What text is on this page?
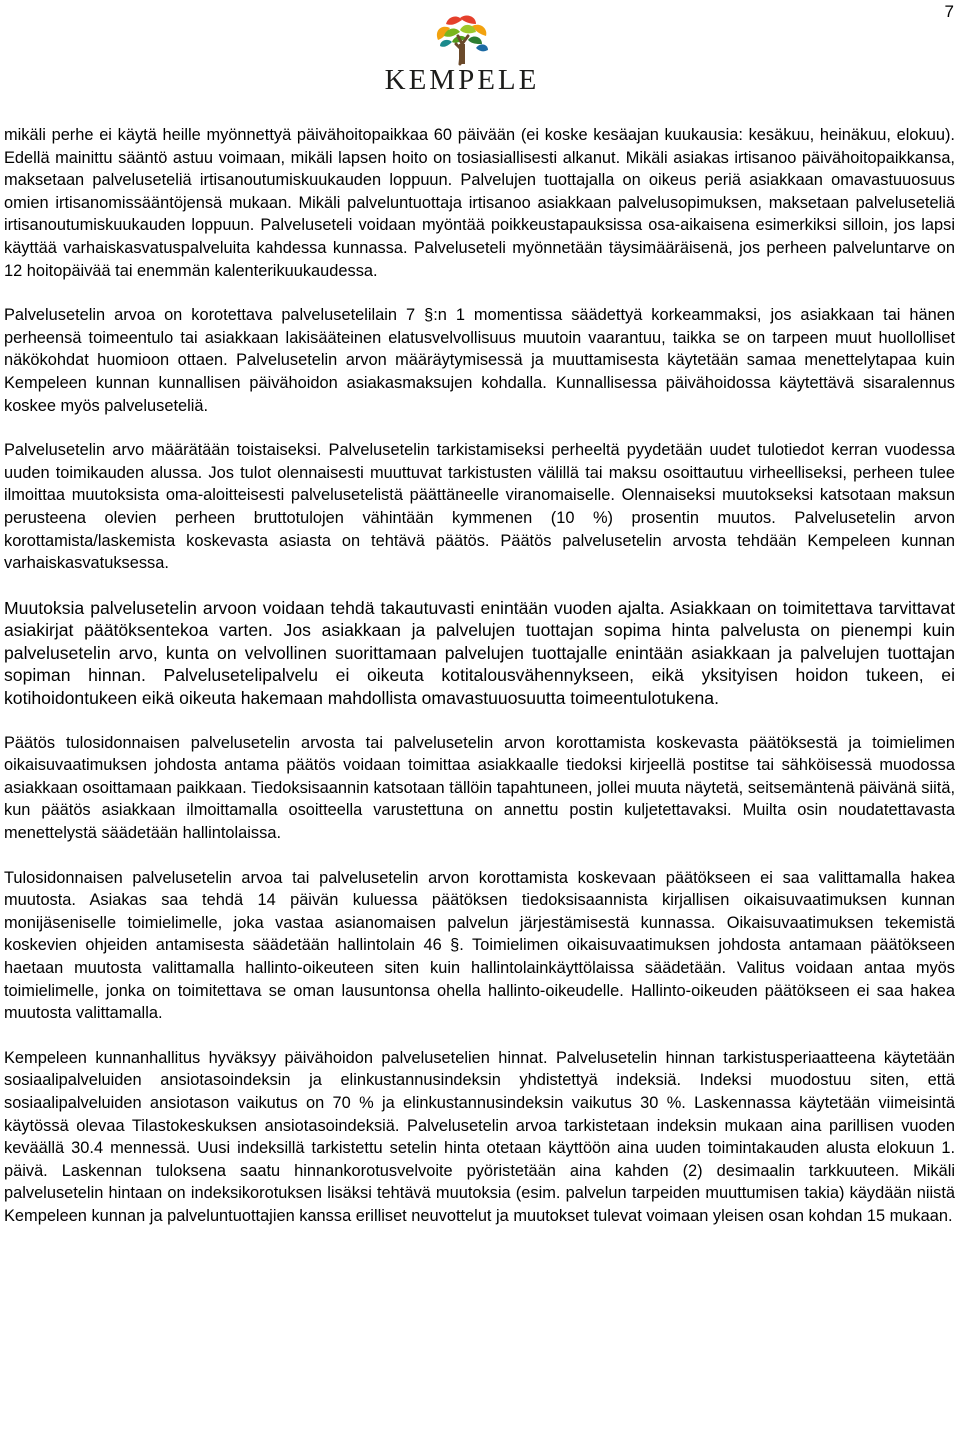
7
KEMPELE

mikäli perhe ei käytä heille myönnettyä päivähoitopaikkaa 60 päivään (ei koske kesäajan kuukausia: kesäkuu, heinäkuu, elokuu). Edellä mainittu sääntö astuu voimaan, mikäli lapsen hoito on tosiasiallisesti alkanut. Mikäli asiakas irtisanoo päivähoitopaikkansa, maksetaan palveluseteliä irtisanoutumiskuukauden loppuun. Palvelujen tuottajalla on oikeus periä asiakkaan omavastuuosuus omien irtisanomissääntöjensä mukaan. Mikäli palveluntuottaja irtisanoo asiakkaan palvelusopimuksen, maksetaan palveluseteliä irtisanoutumiskuukauden loppuun. Palveluseteli voidaan myöntää poikkeustapauksissa osa-aikaisena esimerkiksi silloin, jos lapsi käyttää varhaiskasvatuspalveluita kahdessa kunnassa. Palveluseteli myönnetään täysimääräisenä, jos perheen palveluntarve on 12 hoitopäivää tai enemmän kalenterikuukaudessa.

Palvelusetelin arvoa on korotettava palvelusetelilain 7 §:n 1 momentissa säädettyä korkeammaksi, jos asiakkaan tai hänen perheensä toimeentulo tai asiakkaan lakisääteinen elatusvelvollisuus muutoin vaarantuu, taikka se on tarpeen muut huollolliset näkökohdat huomioon ottaen. Palvelusetelin arvon määräytymisessä ja muuttamisesta käytetään samaa menettelytapaa kuin Kempeleen kunnan kunnallisen päivähoidon asiakasmaksujen kohdalla. Kunnallisessa päivähoidossa käytettävä sisaralennus koskee myös palveluseteliä.

Palvelusetelin arvo määrätään toistaiseksi. Palvelusetelin tarkistamiseksi perheeltä pyydetään uudet tulotiedot kerran vuodessa uuden toimikauden alussa. Jos tulot olennaisesti muuttuvat tarkistusten välillä tai maksu osoittautuu virheelliseksi, perheen tulee ilmoittaa muutoksista oma-aloitteisesti palvelusetelistä päättäneelle viranomaiselle. Olennaiseksi muutokseksi katsotaan maksun perusteena olevien perheen bruttotulojen vähintään kymmenen (10 %) prosentin muutos. Palvelusetelin arvon korottamista/laskemista koskevasta asiasta on tehtävä päätös. Päätös palvelusetelin arvosta tehdään Kempeleen kunnan varhaiskasvatuksessa.

Muutoksia palvelusetelin arvoon voidaan tehdä takautuvasti enintään vuoden ajalta. Asiakkaan on toimitettava tarvittavat asiakirjat päätöksentekoa varten. Jos asiakkaan ja palvelujen tuottajan sopima hinta palvelusta on pienempi kuin palvelusetelin arvo, kunta on velvollinen suorittamaan palvelujen tuottajalle enintään asiakkaan ja palvelujen tuottajan sopiman hinnan. Palvelusetelipalvelu ei oikeuta kotitalousvähennykseen, eikä yksityisen hoidon tukeen, ei kotihoidontukeen eikä oikeuta hakemaan mahdollista omavastuuosuutta toimeentulotukena.

Päätös tulosidonnaisen palvelusetelin arvosta tai palvelusetelin arvon korottamista koskevasta päätöksestä ja toimielimen oikaisuvaatimuksen johdosta antama päätös voidaan toimittaa asiakkaalle tiedoksi kirjeellä postitse tai sähköisessä muodossa asiakkaan osoittamaan paikkaan. Tiedoksisaannin katsotaan tällöin tapahtuneen, jollei muuta näytetä, seitsemäntenä päivänä siitä, kun päätös asiakkaan ilmoittamalla osoitteella varustettuna on annettu postin kuljetettavaksi. Muilta osin noudatettavasta menettelystä säädetään hallintolaissa.

Tulosidonnaisen palvelusetelin arvoa tai palvelusetelin arvon korottamista koskevaan päätökseen ei saa valittamalla hakea muutosta. Asiakas saa tehdä 14 päivän kuluessa päätöksen tiedoksisaannista kirjallisen oikaisuvaatimuksen kunnan monijäseniselle toimielimelle, joka vastaa asianomaisen palvelun järjestämisestä kunnassa. Oikaisuvaatimuksen tekemistä koskevien ohjeiden antamisesta säädetään hallintolain 46 §. Toimielimen oikaisuvaatimuksen johdosta antamaan päätökseen haetaan muutosta valittamalla hallinto-oikeuteen siten kuin hallintolainkäyttölaissa säädetään. Valitus voidaan antaa myös toimielimelle, jonka on toimitettava se oman lausuntonsa ohella hallinto-oikeudelle. Hallinto-oikeuden päätökseen ei saa hakea muutosta valittamalla.

Kempeleen kunnanhallitus hyväksyy päivähoidon palvelusetelien hinnat. Palvelusetelin hinnan tarkistusperiaatteena käytetään sosiaalipalveluiden ansiotasoindeksin ja elinkustannusindeksin yhdistettyä indeksiä. Indeksi muodostuu siten, että sosiaalipalveluiden ansiotason vaikutus on 70 % ja elinkustannusindeksin vaikutus 30 %. Laskennassa käytetään viimeisintä käytössä olevaa Tilastokeskuksen ansiotasoindeksiä. Palvelusetelin arvoa tarkistetaan indeksin mukaan aina parillisen vuoden keväällä 30.4 mennessä. Uusi indeksillä tarkistettu setelin hinta otetaan käyttöön aina uuden toimintakauden alusta elokuun 1. päivä. Laskennan tuloksena saatu hinnankorotusvelvoite pyöristetään aina kahden (2) desimaalin tarkkuuteen. Mikäli palvelusetelin hintaan on indeksikorotuksen lisäksi tehtävä muutoksia (esim. palvelun tarpeiden muuttumisen takia) käydään niistä Kempeleen kunnan ja palveluntuottajien kanssa erilliset neuvottelut ja muutokset tulevat voimaan yleisen osan kohdan 15 mukaan.
